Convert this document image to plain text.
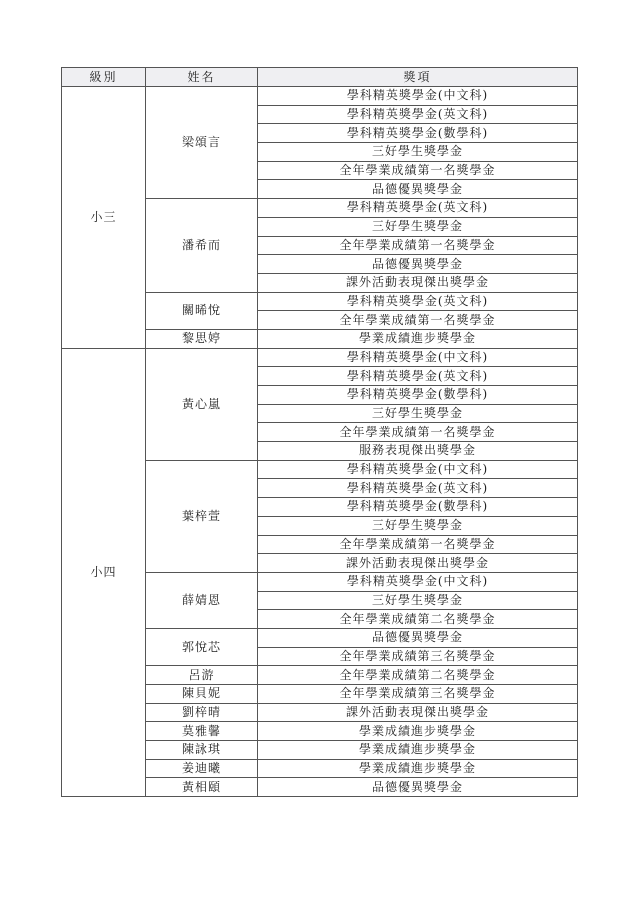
級別	姓名	獎項
小三	梁頌言	學科精英獎學金(中文科)
		學科精英獎學金(英文科)
		學科精英獎學金(數學科)
		三好學生獎學金
		全年學業成績第一名獎學金
		品德優異獎學金
	潘希而	學科精英獎學金(英文科)
		三好學生獎學金
		全年學業成績第一名獎學金
		品德優異獎學金
		課外活動表現傑出獎學金
	關晞悅	學科精英獎學金(英文科)
		全年學業成績第一名獎學金
	黎思婷	學業成績進步獎學金
小四	黃心嵐	學科精英獎學金(中文科)
		學科精英獎學金(英文科)
		學科精英獎學金(數學科)
		三好學生獎學金
		全年學業成績第一名獎學金
		服務表現傑出獎學金
	葉梓萱	學科精英獎學金(中文科)
		學科精英獎學金(英文科)
		學科精英獎學金(數學科)
		三好學生獎學金
		全年學業成績第一名獎學金
		課外活動表現傑出獎學金
	薛婧恩	學科精英獎學金(中文科)
		三好學生獎學金
		全年學業成績第二名獎學金
	郭悅芯	品德優異獎學金
		全年學業成績第三名獎學金
	呂游	全年學業成績第二名獎學金
	陳貝妮	全年學業成績第三名獎學金
	劉梓晴	課外活動表現傑出獎學金
	莫雅馨	學業成績進步獎學金
	陳詠琪	學業成績進步獎學金
	姜迪曦	學業成績進步獎學金
	黃相頤	品德優異獎學金
